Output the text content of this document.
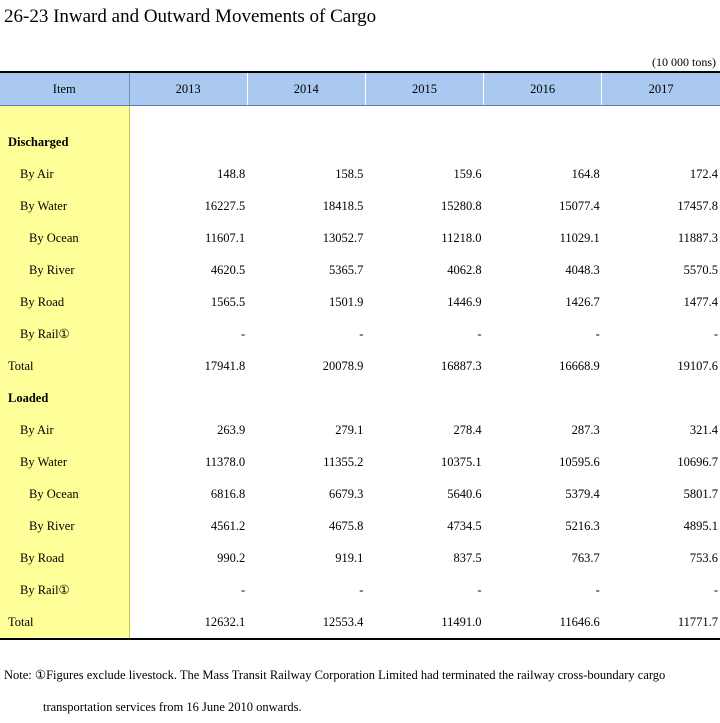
26-23 Inward and Outward Movements of Cargo
(10 000 tons)
Item	2013	2014	2015	2016	2017

Discharged					
By Air	148.8	158.5	159.6	164.8	172.4
By Water	16227.5	18418.5	15280.8	15077.4	17457.8
By Ocean	11607.1	13052.7	11218.0	11029.1	11887.3
By River	4620.5	5365.7	4062.8	4048.3	5570.5
By Road	1565.5	1501.9	1446.9	1426.7	1477.4
By Rail①	-	-	-	-	-
Total	17941.8	20078.9	16887.3	16668.9	19107.6
Loaded					
By Air	263.9	279.1	278.4	287.3	321.4
By Water	11378.0	11355.2	10375.1	10595.6	10696.7
By Ocean	6816.8	6679.3	5640.6	5379.4	5801.7
By River	4561.2	4675.8	4734.5	5216.3	4895.1
By Road	990.2	919.1	837.5	763.7	753.6
By Rail①	-	-	-	-	-
Total	12632.1	12553.4	11491.0	11646.6	11771.7
Note: ①Figures exclude livestock. The Mass Transit Railway Corporation Limited had terminated the railway cross-boundary cargo
transportation services from 16 June 2010 onwards.
